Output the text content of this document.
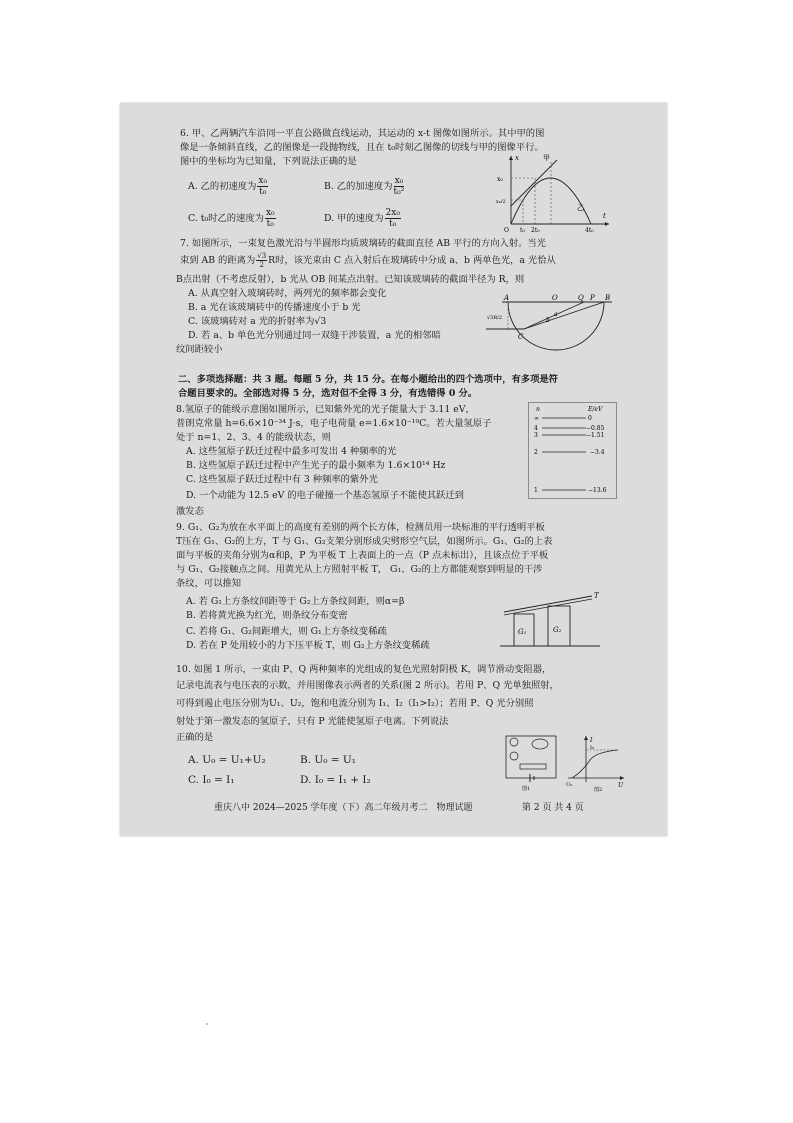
6. 甲、乙两辆汽车沿同一平直公路做直线运动，其运动的 x-t 图像如图所示。其中甲的图
像是一条倾斜直线，乙的图像是一段抛物线，且在 t₀时刻乙图像的切线与甲的图像平行。
图中的坐标均为已知量，下列说法正确的是
A. 乙的初速度为 $\frac{\text{x₀}}{\text{t₀}}$	B. 乙的加速度为 $\frac{\text{x₀}}{\text{t₀²}}$
C. t₀时乙的速度为 $\frac{\text{x₀}}{\text{t₀}}$	D. 甲的速度为 $\frac{\text{2x₀}}{\text{t₀}}$
x
t
x₀
x₀/2
O t₀ 2t₀	4t₀
甲
乙
7. 如图所示，一束复色激光沿与半圆形均质玻璃砖的截面直径 AB 平行的方向入射。当光
束到 AB 的距离为 $\frac{√3}{2}$ R时，该光束由 C 点入射后在玻璃砖中分成 a、b 两单色光，a 光恰从
B点出射（不考虑反射），b 光从 OB 间某点出射。已知该玻璃砖的截面半径为 R，则
A. 从真空射入玻璃砖时，两列光的频率都会变化
B. a 光在该玻璃砖中的传播速度小于 b 光
C. 该玻璃砖对 a 光的折射率为√3
D. 若 a、b 单色光分别通过同一双缝干涉装置，a 光的相邻暗
纹间距较小
A	O	Q P B
C
a
b
√3R/2
二、多项选择题：共 3 题。每题 5 分，共 15 分。在每小题给出的四个选项中，有多项是符
合题目要求的。全部选对得 5 分，选对但不全得 3 分，有选错得 0 分。
8.氢原子的能级示意图如图所示，已知紫外光的光子能量大于 3.11 eV，
普朗克常量 h=6.6×10⁻³⁴ J·s，电子电荷量 e=1.6×10⁻¹⁹C。若大量氢原子
处于 n=1、2、3、4 的能级状态，则
A. 这些氢原子跃迁过程中最多可发出 4 种频率的光
B. 这些氢原子跃迁过程中产生光子的最小频率为 1.6×10¹⁴ Hz
C. 这些氢原子跃迁过程中有 3 种频率的紫外光
D. 一个动能为 12.5 eV 的电子碰撞一个基态氢原子不能使其跃迁到
激发态
n	E/eV
∞	0
4	−0.85
3	−1.51
2	−3.4
1	−13.6
9. G₁、G₂为放在水平面上的高度有差别的两个长方体，检测员用一块标准的平行透明平板
T压在 G₁、G₂的上方，T 与 G₁、G₂支架分别形成尖劈形空气层，如图所示。G₁、G₂的上表
面与平板的夹角分别为α和β，P 为平板 T 上表面上的一点（P 点未标出），且该点位于平板
与 G₁、G₂接触点之间。用黄光从上方照射平板 T， G₁、G₂的上方都能观察到明显的干涉
条纹，可以推知
A. 若 G₁上方条纹间距等于 G₂上方条纹间距，则α=β
B. 若将黄光换为红光，则条纹分布变密
C. 若将 G₁、G₂间距增大，则 G₁上方条纹变稀疏
D. 若在 P 处用较小的力下压平板 T，则 G₂上方条纹变稀疏
T
G₁	G₂
10. 如图 1 所示，一束由 P、Q 两种频率的光组成的复色光照射阴极 K，调节滑动变阻器，
记录电流表与电压表的示数，并用图像表示两者的关系(图 2 所示)。若用 P、Q 光单独照射，
可得到遏止电压分别为U₁、U₂，饱和电流分别为 I₁、I₂（I₁>I₂）；若用 P、Q 光分别照
射处于第一激发态的氢原子，只有 P 光能使氢原子电离。下列说法
正确的是
A. U₀ = U₁+U₂	B. U₀ = U₁
C. I₀ = I₁	D. I₀ = I₁ + I₂
图1
I
U
U₀
I₀
图2
重庆八中 2024—2025 学年度（下）高二年级月考二　物理试题	第 2 页 共 4 页
